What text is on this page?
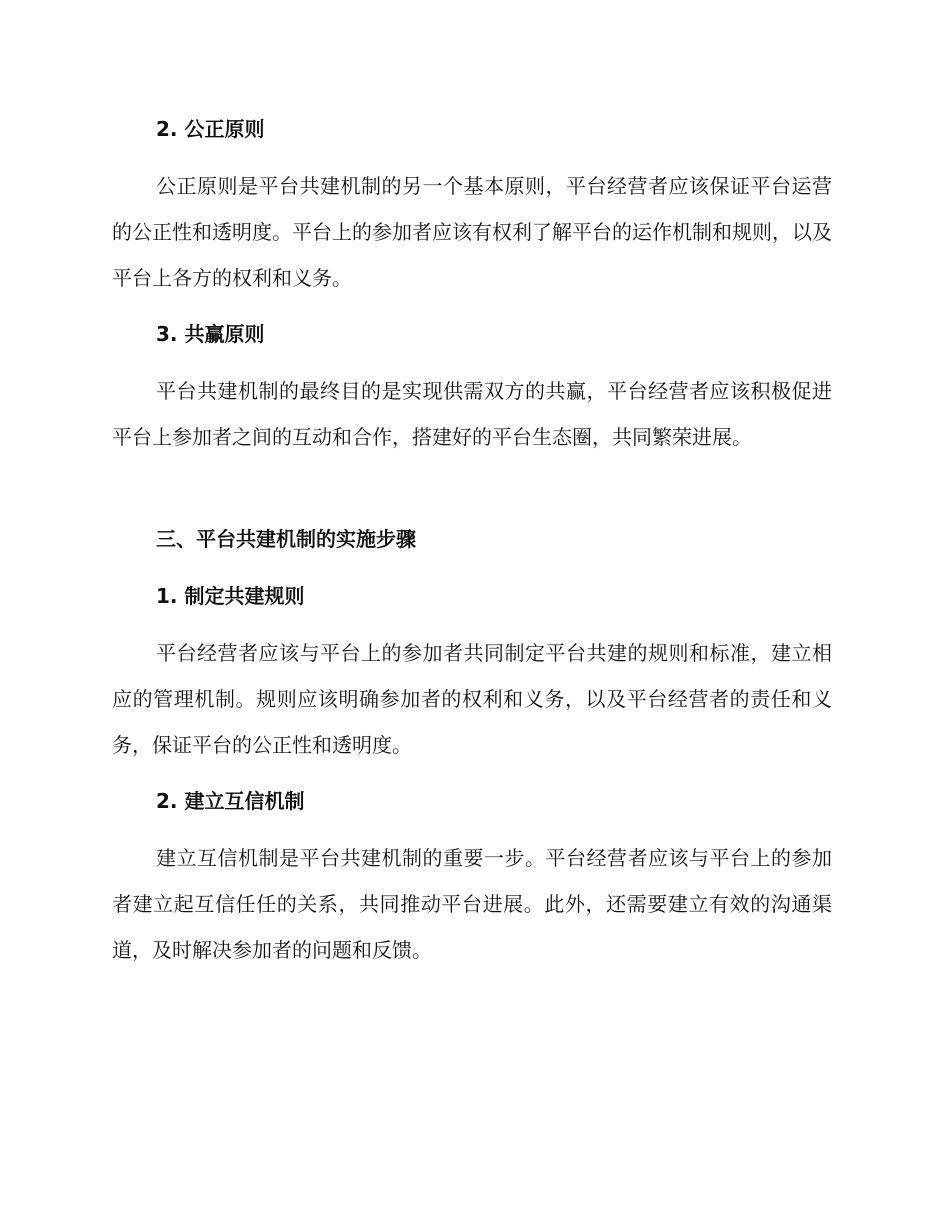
2. 公正原则

公正原则是平台共建机制的另一个基本原则，平台经营者应该保证平台运营的公正性和透明度。平台上的参加者应该有权利了解平台的运作机制和规则，以及平台上各方的权利和义务。

3. 共赢原则

平台共建机制的最终目的是实现供需双方的共赢，平台经营者应该积极促进平台上参加者之间的互动和合作，搭建好的平台生态圈，共同繁荣进展。

三、平台共建机制的实施步骤
1. 制定共建规则

平台经营者应该与平台上的参加者共同制定平台共建的规则和标准，建立相应的管理机制。规则应该明确参加者的权利和义务，以及平台经营者的责任和义务，保证平台的公正性和透明度。

2. 建立互信机制

建立互信机制是平台共建机制的重要一步。平台经营者应该与平台上的参加者建立起互信任任的关系，共同推动平台进展。此外，还需要建立有效的沟通渠道，及时解决参加者的问题和反馈。
